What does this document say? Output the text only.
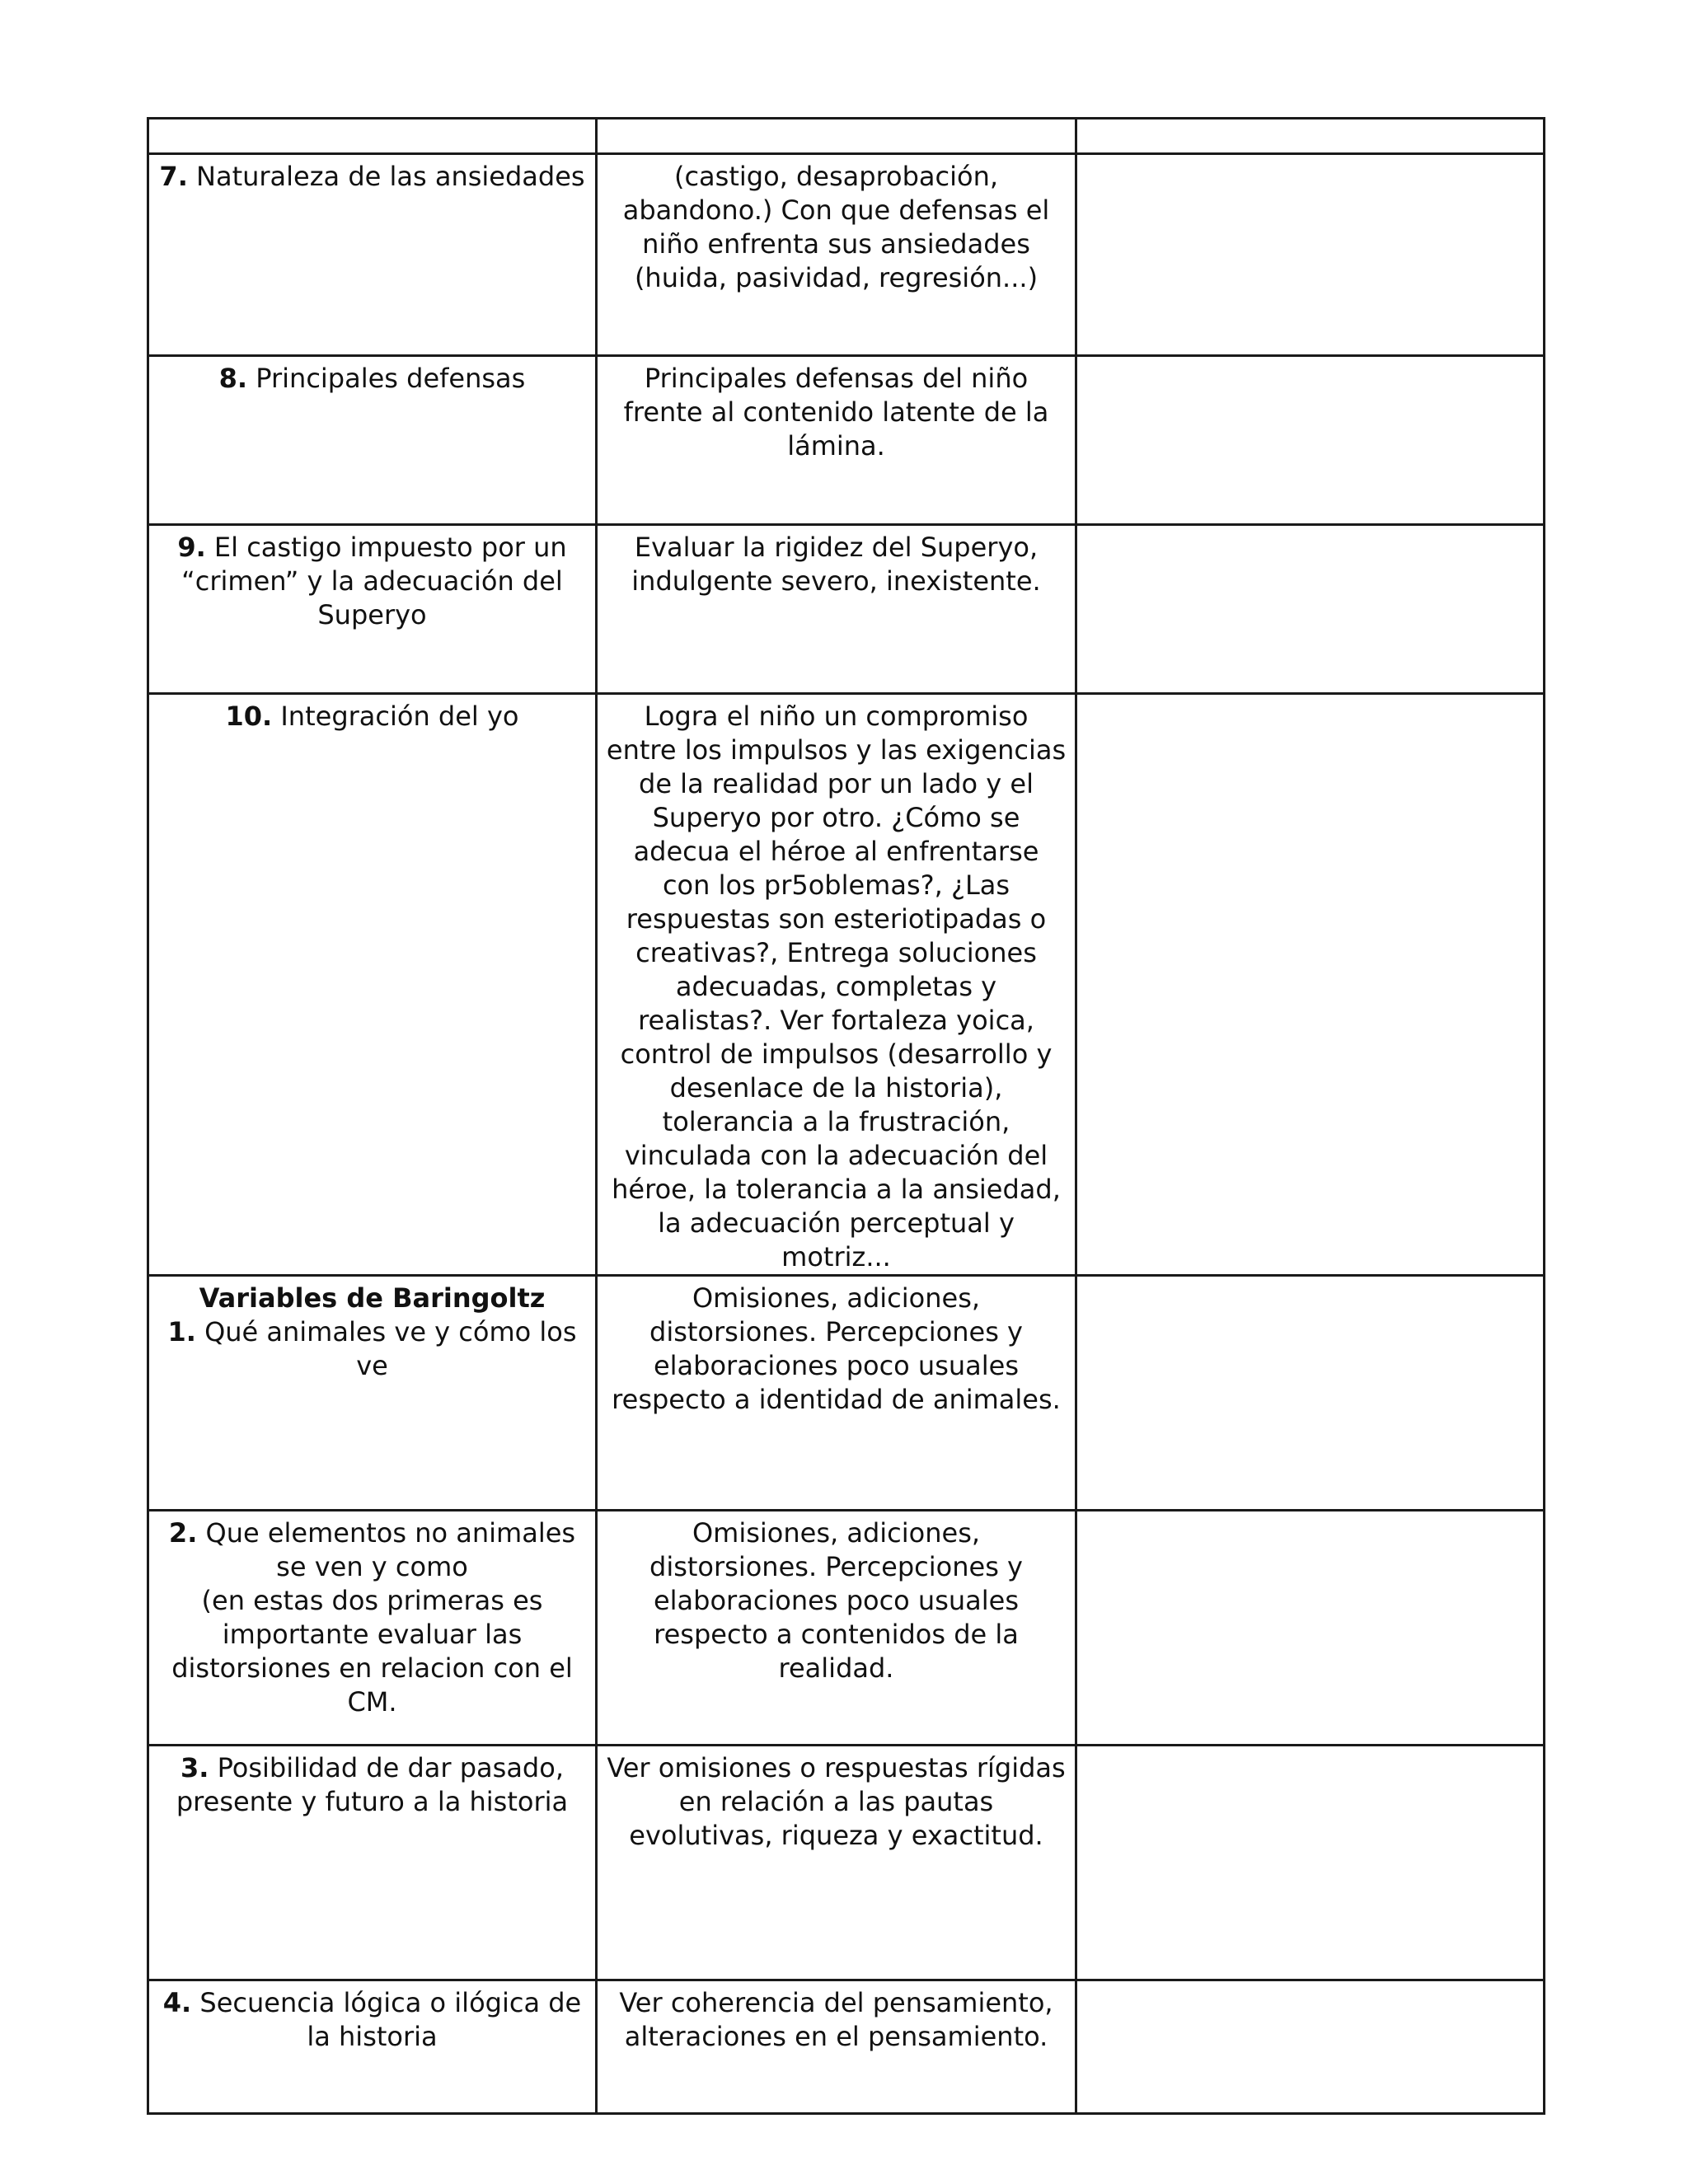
7. Naturaleza de las ansiedades	(castigo, desaprobación, abandono.) Con que defensas el niño enfrenta sus ansiedades (huida, pasividad, regresión...)	
8. Principales defensas	Principales defensas del niño frente al contenido latente de la lámina.	
9. El castigo impuesto por un “crimen” y la adecuación del Superyo	Evaluar la rigidez del Superyo, indulgente severo, inexistente.	
10. Integración del yo	Logra el niño un compromiso entre los impulsos y las exigencias de la realidad por un lado y el Superyo por otro. ¿Cómo se adecua el héroe al enfrentarse con los pr5oblemas?, ¿Las respuestas son esteriotipadas o creativas?, Entrega soluciones adecuadas, completas y realistas?. Ver fortaleza yoica, control de impulsos (desarrollo y desenlace de la historia), tolerancia a la frustración, vinculada con la adecuación del héroe, la tolerancia a la ansiedad, la adecuación perceptual y motriz...	

Variables de Baringoltz
1. Qué animales ve y cómo los ve	Omisiones, adiciones, distorsiones. Percepciones y elaboraciones poco usuales respecto a identidad de animales.	
2. Que elementos no animales se ven y como
(en estas dos primeras es importante evaluar las distorsiones en relacion con el CM.	Omisiones, adiciones, distorsiones. Percepciones y elaboraciones poco usuales respecto a contenidos de la realidad.	
3. Posibilidad de dar pasado, presente y futuro a la historia	Ver omisiones o respuestas rígidas en relación a las pautas evolutivas, riqueza y exactitud.	
4. Secuencia lógica o ilógica de la historia	Ver coherencia del pensamiento, alteraciones en el pensamiento.	
